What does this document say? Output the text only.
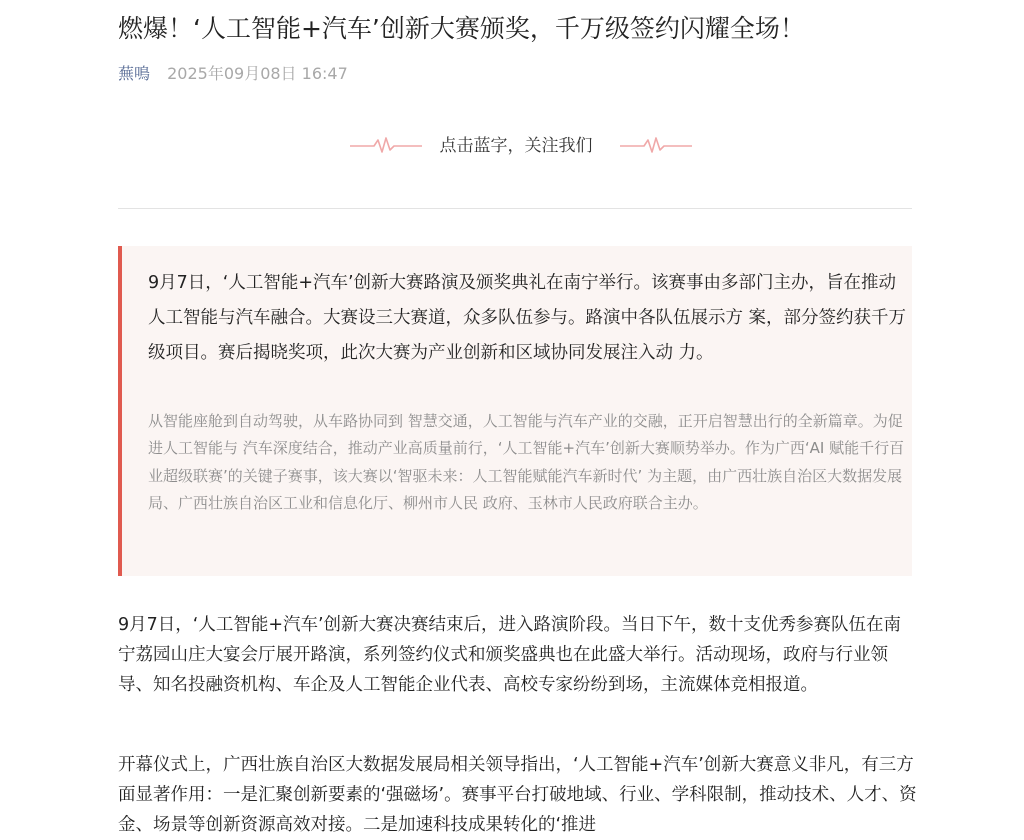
燃爆！‘人工智能+汽车’创新大赛颁奖，千万级签约闪耀全场！
蕪鳴 2025年09月08日 16:47
点击蓝字，关注我们

9月7日，‘人工智能+汽车’创新大赛路演及颁奖典礼在南宁举行。该赛事由多部门主办，旨在推动人工智能与汽车融合。大赛设三大赛道，众多队伍参与。路演中各队伍展示方 案，部分签约获千万级项目。赛后揭晓奖项，此次大赛为产业创新和区域协同发展注入动 力。

从智能座舱到自动驾驶，从车路协同到 智慧交通，人工智能与汽车产业的交融，正开启智慧出行的全新篇章。为促进人工智能与 汽车深度结合，推动产业高质量前行，‘人工智能+汽车’创新大赛顺势举办。作为广西‘AI 赋能千行百业超级联赛’的关键子赛事，该大赛以‘智驱未来：人工智能赋能汽车新时代’ 为主题，由广西壮族自治区大数据发展局、广西壮族自治区工业和信息化厅、柳州市人民 政府、玉林市人民政府联合主办。

9月7日，‘人工智能+汽车’创新大赛决赛结束后，进入路演阶段。当日下午，数十支优秀参赛队伍在南宁荔园山庄大宴会厅展开路演，系列签约仪式和颁奖盛典也在此盛大举行。活动现场，政府与行业领导、知名投融资机构、车企及人工智能企业代表、高校专家纷纷到场，主流媒体竞相报道。

开幕仪式上，广西壮族自治区大数据发展局相关领导指出，‘人工智能+汽车’创新大赛意义非凡，有三方面显著作用：一是汇聚创新要素的‘强磁场’。赛事平台打破地域、行业、学科限制，推动技术、人才、资金、场景等创新资源高效对接。二是加速科技成果转化的‘推进
